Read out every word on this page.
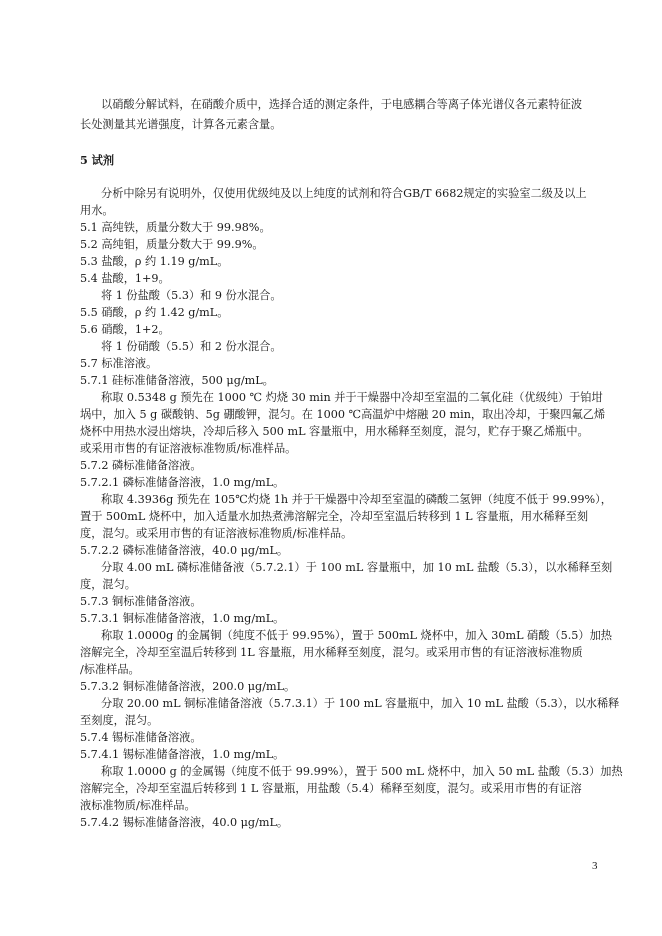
以硝酸分解试料，在硝酸介质中，选择合适的测定条件，于电感耦合等离子体光谱仪各元素特征波
长处测量其光谱强度，计算各元素含量。
5 试剂
分析中除另有说明外，仅使用优级纯及以上纯度的试剂和符合GB/T 6682规定的实验室二级及以上
用水。
5.1 高纯铁，质量分数大于 99.98%。
5.2 高纯钼，质量分数大于 99.9%。
5.3 盐酸，ρ 约 1.19 g/mL。
5.4 盐酸，1+9。
将 1 份盐酸（5.3）和 9 份水混合。
5.5 硝酸，ρ 约 1.42 g/mL。
5.6 硝酸，1+2。
将 1 份硝酸（5.5）和 2 份水混合。
5.7 标准溶液。
5.7.1 硅标准储备溶液，500 μg/mL。
称取 0.5348 g 预先在 1000 ℃ 灼烧 30 min 并于干燥器中冷却至室温的二氧化硅（优级纯）于铂坩
埚中，加入 5 g 碳酸钠、5g 硼酸钾，混匀。在 1000 ℃高温炉中熔融 20 min，取出冷却，于聚四氟乙烯
烧杯中用热水浸出熔块，冷却后移入 500 mL 容量瓶中，用水稀释至刻度，混匀，贮存于聚乙烯瓶中。
或采用市售的有证溶液标准物质/标准样品。
5.7.2 磷标准储备溶液。
5.7.2.1 磷标准储备溶液，1.0 mg/mL。
称取 4.3936g 预先在 105℃灼烧 1h 并于干燥器中冷却至室温的磷酸二氢钾（纯度不低于 99.99%），
置于 500mL 烧杯中，加入适量水加热煮沸溶解完全，冷却至室温后转移到 1 L 容量瓶，用水稀释至刻
度，混匀。或采用市售的有证溶液标准物质/标准样品。
5.7.2.2 磷标准储备溶液，40.0 μg/mL。
分取 4.00 mL 磷标准储备液（5.7.2.1）于 100 mL 容量瓶中，加 10 mL 盐酸（5.3），以水稀释至刻
度，混匀。
5.7.3 铜标准储备溶液。
5.7.3.1 铜标准储备溶液，1.0 mg/mL。
称取 1.0000g 的金属铜（纯度不低于 99.95%），置于 500mL 烧杯中，加入 30mL 硝酸（5.5）加热
溶解完全，冷却至室温后转移到 1L 容量瓶，用水稀释至刻度，混匀。或采用市售的有证溶液标准物质
/标准样品。
5.7.3.2 铜标准储备溶液，200.0 μg/mL。
分取 20.00 mL 铜标准储备溶液（5.7.3.1）于 100 mL 容量瓶中，加入 10 mL 盐酸（5.3），以水稀释
至刻度，混匀。
5.7.4 锡标准储备溶液。
5.7.4.1 锡标准储备溶液，1.0 mg/mL。
称取 1.0000 g 的金属锡（纯度不低于 99.99%），置于 500 mL 烧杯中，加入 50 mL 盐酸（5.3）加热
溶解完全，冷却至室温后转移到 1 L 容量瓶，用盐酸（5.4）稀释至刻度，混匀。或采用市售的有证溶
液标准物质/标准样品。
5.7.4.2 锡标准储备溶液，40.0 μg/mL。
3
